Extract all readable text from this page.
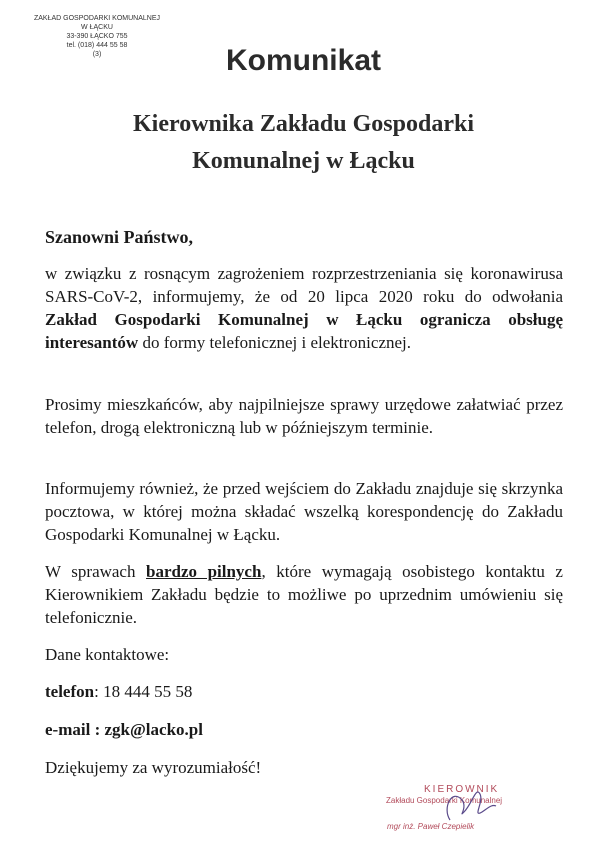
ZAKŁAD GOSPODARKI KOMUNALNEJ
W ŁĄCKU
33-390 ŁĄCKO 755
tel. (018) 444 55 58
(3)	Komunikat
Kierownika Zakładu Gospodarki
Komunalnej w Łącku
Szanowni Państwo,
w związku z rosnącym zagrożeniem rozprzestrzeniania się koronawirusa SARS-CoV-2, informujemy, że od 20 lipca 2020 roku do odwołania Zakład Gospodarki Komunalnej w Łącku ogranicza obsługę interesantów do formy telefonicznej i elektronicznej.
Prosimy mieszkańców, aby najpilniejsze sprawy urzędowe załatwiać przez telefon, drogą elektroniczną lub w późniejszym terminie.
Informujemy również, że przed wejściem do Zakładu znajduje się skrzynka pocztowa, w której można składać wszelką korespondencję do Zakładu Gospodarki Komunalnej w Łącku.
W sprawach bardzo pilnych, które wymagają osobistego kontaktu z Kierownikiem Zakładu będzie to możliwe po uprzednim umówieniu się telefonicznie.
Dane kontaktowe:
telefon: 18 444 55 58
e-mail : zgk@lacko.pl
Dziękujemy za wyrozumiałość!
KIEROWNIK
Zakładu Gospodarki Komunalnej
mgr inż. Paweł Czepielik
